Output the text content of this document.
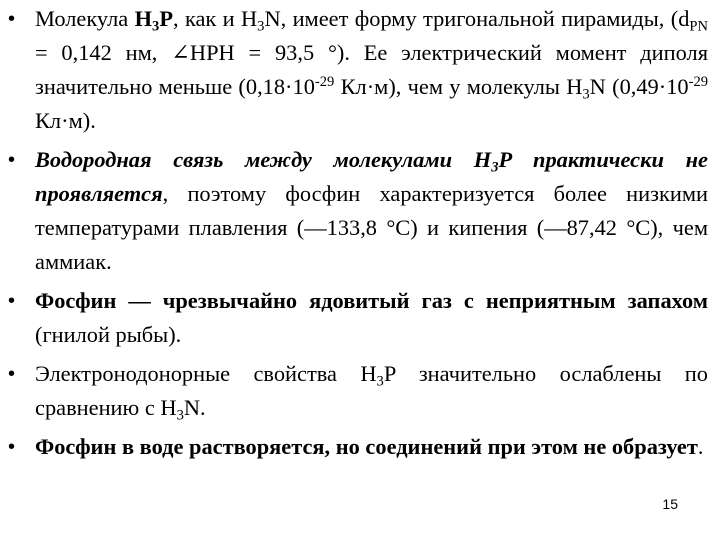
• Молекула $H_3P$, как и $H_3N$, имеет форму тригональной пирамиды, ($d_{PN} = 0,142$ нм, ∠HPH = 93,5 °). Ее электрический момент диполя значительно меньше ($0,18\cdot 10^{-29}$ Кл·м), чем у молекулы $H_3N$ ($0,49\cdot 10^{-29}$ Кл·м).
• Водородная связь между молекулами $H_3P$ практически не проявляется, поэтому фосфин характеризуется более низкими температурами плавления (—133,8 °С) и кипения (—87,42 °С), чем аммиак.
• Фосфин — чрезвычайно ядовитый газ с неприятным запахом (гнилой рыбы).
• Электронодонорные свойства $H_3P$ значительно ослаблены по сравнению с $H_3N$.
• Фосфин в воде растворяется, но соединений при этом не образует.
15
